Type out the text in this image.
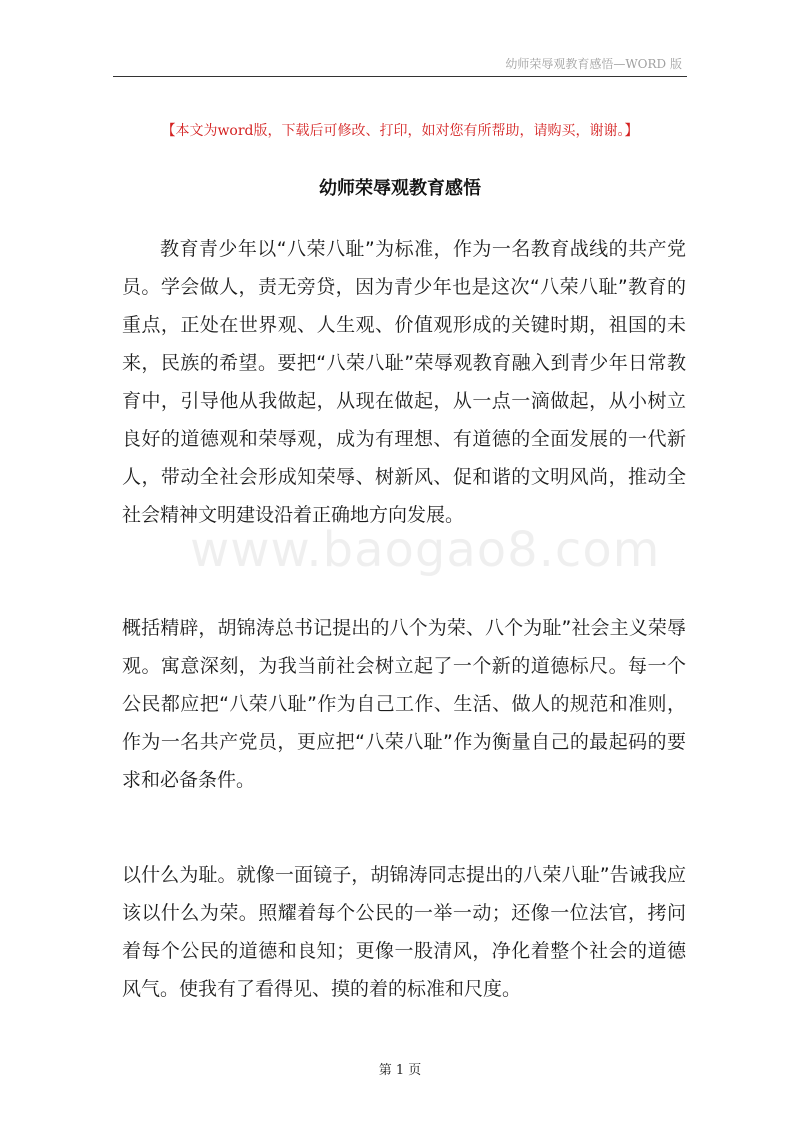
幼师荣辱观教育感悟—WORD 版
【本文为word版，下载后可修改、打印，如对您有所帮助，请购买，谢谢。】
幼师荣辱观教育感悟

教育青少年以“八荣八耻”为标准，作为一名教育战线的共产党员。学会做人，责无旁贷，因为青少年也是这次“八荣八耻”教育的重点，正处在世界观、人生观、价值观形成的关键时期，祖国的未来，民族的希望。要把“八荣八耻”荣辱观教育融入到青少年日常教育中，引导他从我做起，从现在做起，从一点一滴做起，从小树立良好的道德观和荣辱观，成为有理想、有道德的全面发展的一代新人，带动全社会形成知荣辱、树新风、促和谐的文明风尚，推动全社会精神文明建设沿着正确地方向发展。

www.baogao8.com

概括精辟，胡锦涛总书记提出的八个为荣、八个为耻”社会主义荣辱观。寓意深刻，为我当前社会树立起了一个新的道德标尺。每一个公民都应把“八荣八耻”作为自己工作、生活、做人的规范和准则，作为一名共产党员，更应把“八荣八耻”作为衡量自己的最起码的要求和必备条件。

以什么为耻。就像一面镜子，胡锦涛同志提出的八荣八耻”告诫我应该以什么为荣。照耀着每个公民的一举一动；还像一位法官，拷问着每个公民的道德和良知；更像一股清风，净化着整个社会的道德风气。使我有了看得见、摸的着的标准和尺度。

第 1 页
